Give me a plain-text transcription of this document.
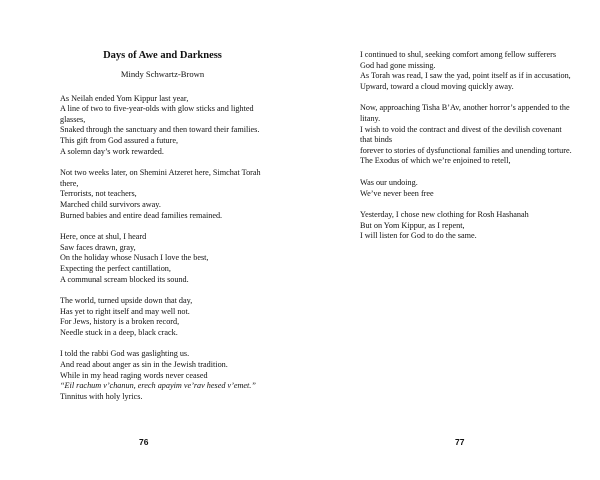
Days of Awe and Darkness
Mindy Schwartz-Brown
As Neilah ended Yom Kippur last year,
A line of two to five-year-olds with glow sticks and lighted glasses,
Snaked through the sanctuary and then toward their families.
This gift from God assured a future,
A solemn day’s work rewarded.
Not two weeks later, on Shemini Atzeret here, Simchat Torah there,
Terrorists, not teachers,
Marched child survivors away.
Burned babies and entire dead families remained.
Here, once at shul, I heard
Saw faces drawn, gray,
On the holiday whose Nusach I love the best,
Expecting the perfect cantillation,
A communal scream blocked its sound.
The world, turned upside down that day,
Has yet to right itself and may well not.
For Jews, history is a broken record,
Needle stuck in a deep, black crack.
I told the rabbi God was gaslighting us.
And read about anger as sin in the Jewish tradition.
While in my head raging words never ceased
“Eil rachum v’chanun, erech apayim ve’rav hesed v’emet.”
Tinnitus with holy lyrics.
76
I continued to shul, seeking comfort among fellow sufferers
God had gone missing.
As Torah was read, I saw the yad, point itself as if in accusation,
Upward, toward a cloud moving quickly away.
Now, approaching Tisha B’Av, another horror’s appended to the litany.
I wish to void the contract and divest of the devilish covenant that binds
forever to stories of dysfunctional families and unending torture.
The Exodus of which we’re enjoined to retell,
Was our undoing.
We’ve never been free
Yesterday, I chose new clothing for Rosh Hashanah
But on Yom Kippur, as I repent,
I will listen for God to do the same.
77
